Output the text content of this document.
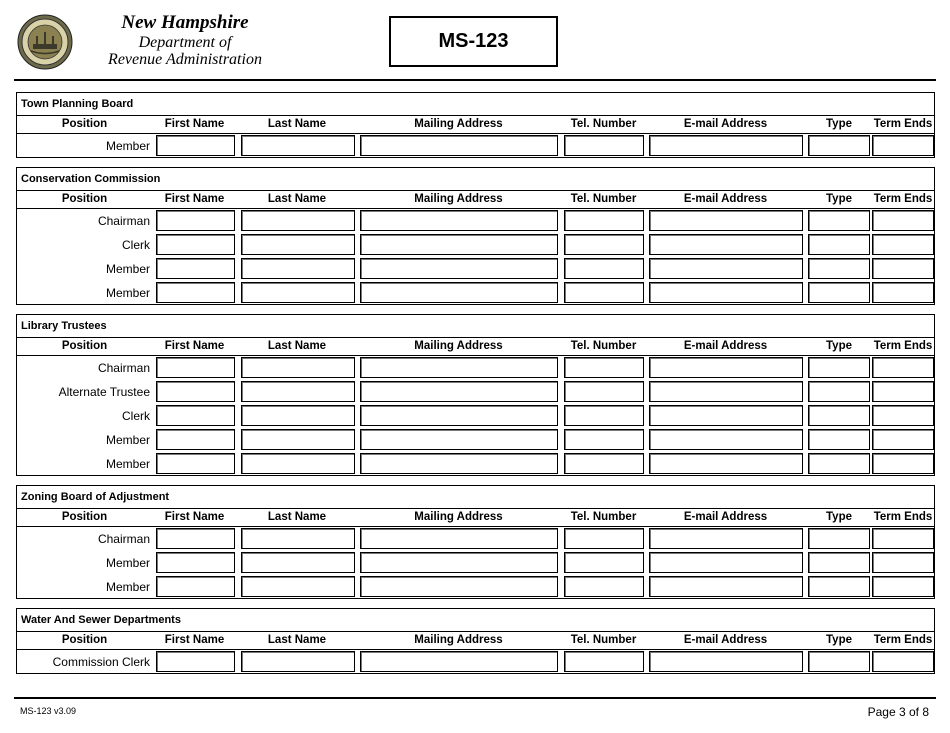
New Hampshire
Department of
Revenue Administration
MS-123
Town Planning Board
Position	First Name	Last Name	Mailing Address	Tel. Number	E-mail Address	Type	Term Ends
Member
Conservation Commission
Position	First Name	Last Name	Mailing Address	Tel. Number	E-mail Address	Type	Term Ends
Chairman
Clerk
Member
Member
Library Trustees
Position	First Name	Last Name	Mailing Address	Tel. Number	E-mail Address	Type	Term Ends
Chairman
Alternate Trustee
Clerk
Member
Member
Zoning Board of Adjustment
Position	First Name	Last Name	Mailing Address	Tel. Number	E-mail Address	Type	Term Ends
Chairman
Member
Member
Water And Sewer Departments
Position	First Name	Last Name	Mailing Address	Tel. Number	E-mail Address	Type	Term Ends
Commission Clerk
MS-123 v3.09	Page 3 of 8
